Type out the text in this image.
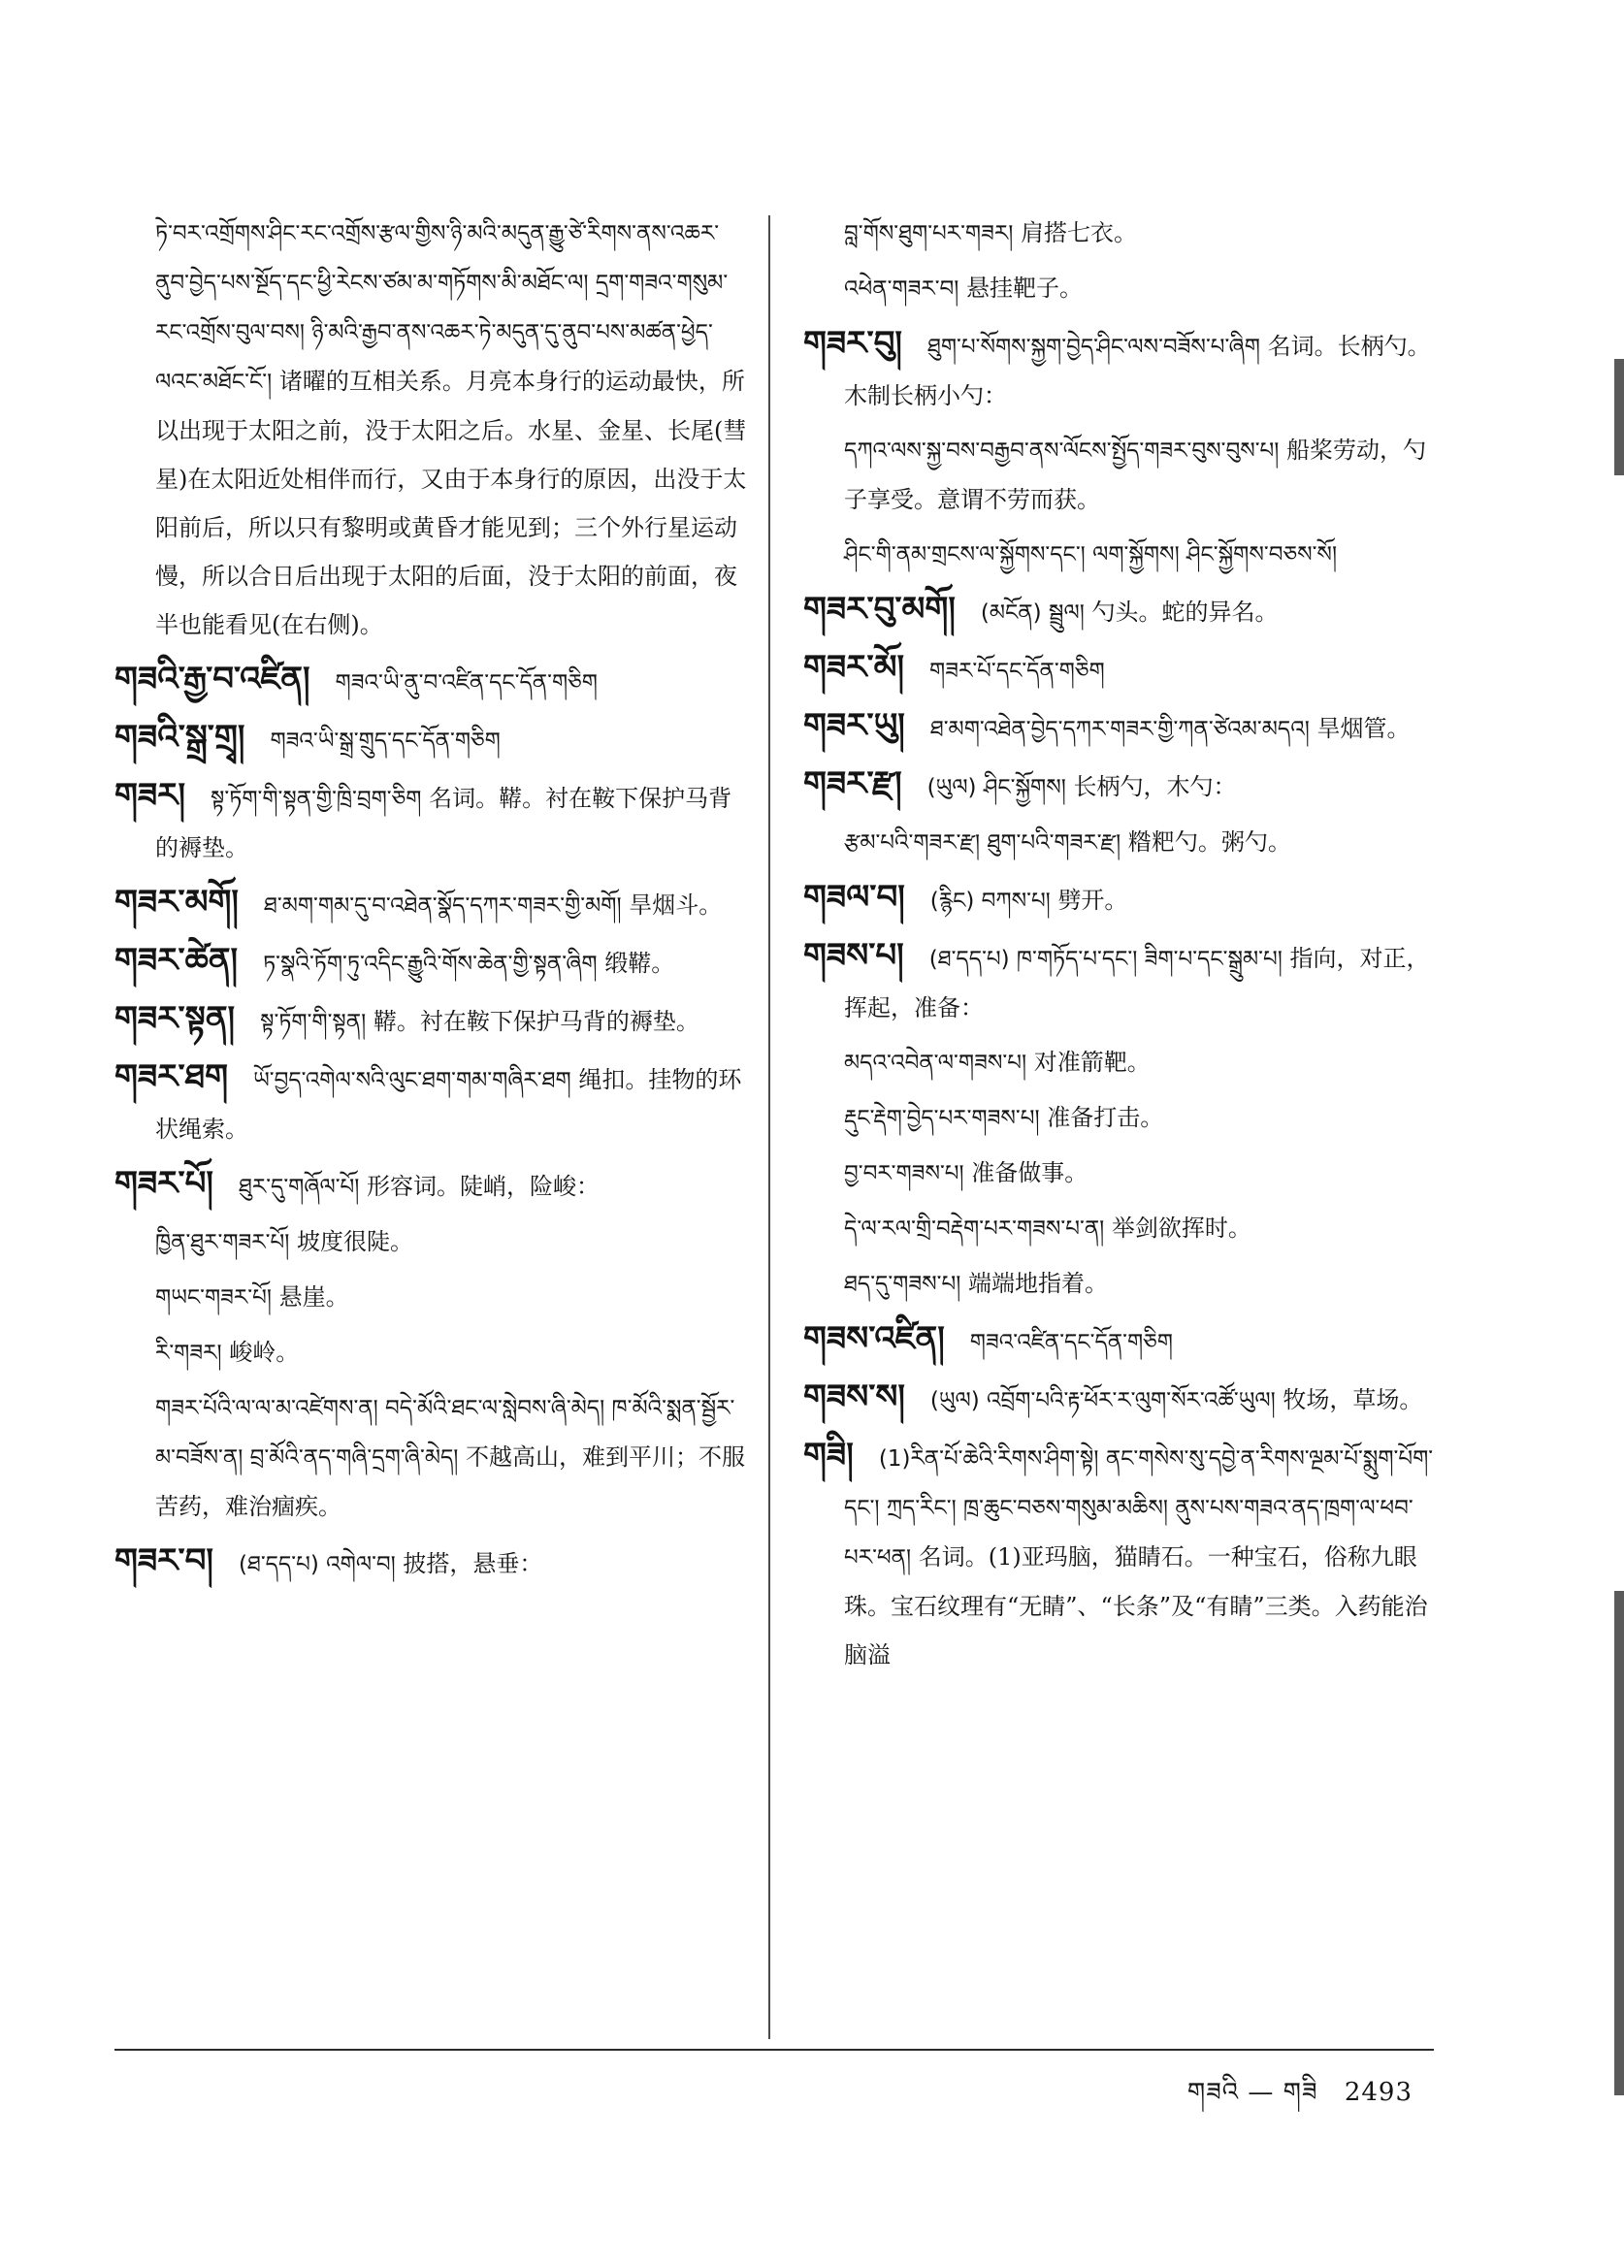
ཏེ་བར་འགྲོགས་ཤིང་རང་འགྲོས་རྩལ་གྱིས་ཉི་མའི་མདུན་རྒྱུ་ཙེ་རིགས་ནས་འཆར་ནུབ་བྱེད་པས་སྔོད་དང་ཕྱི་རེངས་ཙམ་མ་གཏོགས་མི་མཐོང་ལ། དྲག་གཟའ་གསུམ་རང་འགྲོས་བུལ་བས། ཉི་མའི་རྒྱབ་ནས་འཆར་ཏེ་མདུན་དུ་ནུབ་པས་མཚན་ཕྱེད་ལའང་མཐོང་ངོ་། 诸曜的互相关系。月亮本身行的运动最快，所以出现于太阳之前，没于太阳之后。水星、金星、长尾(彗星)在太阳近处相伴而行，又由于本身行的原因，出没于太阳前后，所以只有黎明或黄昏才能见到；三个外行星运动慢，所以合日后出现于太阳的后面，没于太阳的前面，夜半也能看见(在右侧)。
གཟའི་རྒྱ་བ་འཛིན། གཟའ་ཡི་ནུ་བ་འཛིན་དང་དོན་གཅིག
གཟའི་སྒྲ་གྲྭ། གཟའ་ཡི་སྒྲ་གྲུད་དང་དོན་གཅིག
གཟར། སྟ་ཏོག་གི་སྟན་གྱི་ཁྲི་བྲག་ཅིག 名词。鞯。衬在鞍下保护马背的褥垫。
གཟར་མགོ། ཐ་མག་གམ་དུ་བ་འཐེན་སྣོད་དཀར་གཟར་གྱི་མགོ། 旱烟斗。
གཟར་ཚེན། ཏ་སྣའི་ཏོག་ཏུ་འདིང་རྒྱུའི་གོས་ཆེན་གྱི་སྟན་ཞིག 缎鞯。
གཟར་སྟན། སྟ་ཏོག་གི་སྟན། 鞯。衬在鞍下保护马背的褥垫。
གཟར་ཐག ཡོ་བྱད་འགེལ་སའི་ལུང་ཐག་གམ་གཞིར་ཐག 绳扣。挂物的环状绳索。
གཟར་པོ། ཐུར་དུ་གཞོལ་པོ། 形容词。陡峭，险峻：
ཁྱིན་ཐུར་གཟར་པོ། 坡度很陡。
གཡང་གཟར་པོ། 悬崖。
རི་གཟར། 峻岭。
གཟར་པོའི་ལ་ལ་མ་འཛེགས་ན། བདེ་མོའི་ཐང་ལ་སླེབས་ཞི་མེད། ཁ་མོའི་སྨན་སྦྱོར་མ་བཟོས་ན། བྲ་མོའི་ནད་གཞི་དྲག་ཞི་མེད། 不越高山，难到平川；不服苦药，难治痼疾。
གཟར་བ། (ཐ་དད་པ) འགེལ་བ། 披搭，悬垂：
བླ་གོས་ཐུག་པར་གཟར། 肩搭七衣。
འཕེན་གཟར་བ། 悬挂靶子。
གཟར་བུ། ཐུག་པ་སོགས་སྐྱག་བྱེད་ཤིང་ལས་བཟོས་པ་ཞིག 名词。长柄勺。木制长柄小勺：
དཀའ་ལས་སྐྱ་བས་བརྒྱབ་ནས་ལོངས་སྤྱོད་གཟར་བུས་བུས་པ། 船桨劳动，勺子享受。意谓不劳而获。
ཤིང་གི་ནམ་གྲངས་ལ་སྐྱོགས་དང་། ལག་སྐྱོགས། ཤིང་སྐྱོགས་བཅས་སོ།
གཟར་བུ་མགོ། (མངོན) སྦྲུལ། 勺头。蛇的异名。
གཟར་མོ། གཟར་པོ་དང་དོན་གཅིག
གཟར་ཡུ། ཐ་མག་འཐེན་བྱེད་དཀར་གཟར་གྱི་ཀན་ཙེའམ་མདའ། 旱烟管。
གཟར་རྫ། (ཡུལ) ཤིང་སྐྱོགས། 长柄勺，木勺：
རྩམ་པའི་གཟར་རྫ། ཐུག་པའི་གཟར་རྫ། 糌粑勺。粥勺。
གཟལ་བ། (རྙིང) བཀས་པ། 劈开。
གཟས་པ། (ཐ་དད་པ) ཁ་གཏོད་པ་དང་། ཟིག་པ་དང་སྒྲུམ་པ། 指向，对正，挥起，准备：
མདའ་འབེན་ལ་གཟས་པ། 对准箭靶。
རྡུང་རྡེག་བྱེད་པར་གཟས་པ། 准备打击。
བྱ་བར་གཟས་པ། 准备做事。
དེ་ལ་རལ་གྲི་བརྡེག་པར་གཟས་པ་ན། 举剑欲挥时。
ཐད་དུ་གཟས་པ། 端端地指着。
གཟས་འཛིན། གཟའ་འཛིན་དང་དོན་གཅིག
གཟས་ས། (ཡུལ) འབྲོག་པའི་རྟ་ཕོར་ར་ལུག་སོར་འཚོ་ཡུལ། 牧场，草场。
གཟི། (1)རིན་པོ་ཆེའི་རིགས་ཤིག་སྟེ། ནང་གསེས་སུ་དབྱེ་ན་རིགས་ལྔམ་པོ་སྨུག་པོག་དང་། ཀྲད་རིང་། ཁྲ་ཆུང་བཅས་གསུམ་མཆིས། ནུས་པས་གཟའ་ནད་ཁྲག་ལ་ཕབ་པར་ཕན། 名词。(1)亚玛脑，猫睛石。一种宝石，俗称九眼珠。宝石纹理有“无睛”、“长条”及“有睛”三类。入药能治脑溢
གཟའི — གཟི 2493
